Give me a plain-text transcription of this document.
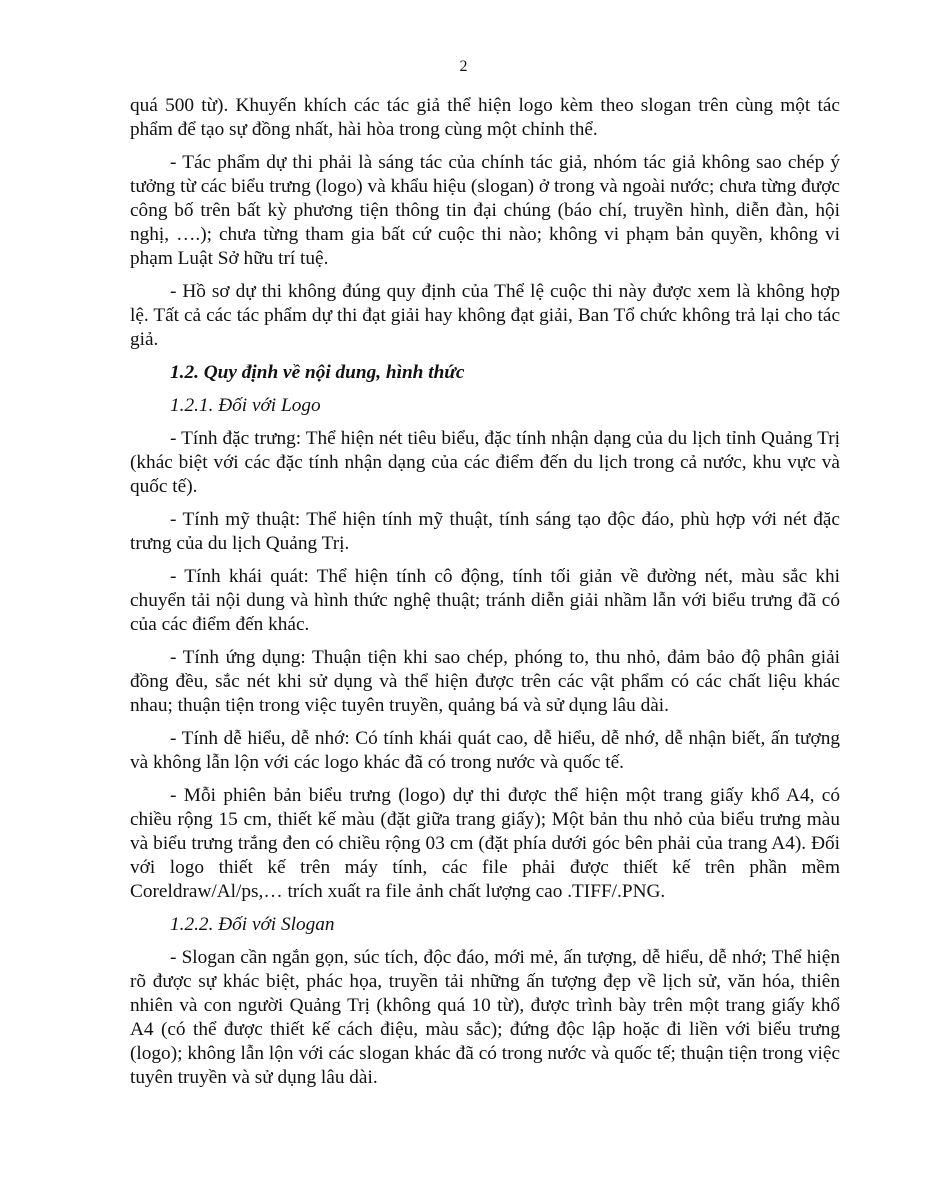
2

quá 500 từ). Khuyến khích các tác giả thể hiện logo kèm theo slogan trên cùng một tác phẩm để tạo sự đồng nhất, hài hòa trong cùng một chỉnh thể.

- Tác phẩm dự thi phải là sáng tác của chính tác giả, nhóm tác giả không sao chép ý tưởng từ các biểu trưng (logo) và khẩu hiệu (slogan) ở trong và ngoài nước; chưa từng được công bố trên bất kỳ phương tiện thông tin đại chúng (báo chí, truyền hình, diễn đàn, hội nghị, ….); chưa từng tham gia bất cứ cuộc thi nào; không vi phạm bản quyền, không vi phạm Luật Sở hữu trí tuệ.

- Hồ sơ dự thi không đúng quy định của Thể lệ cuộc thi này được xem là không hợp lệ. Tất cả các tác phẩm dự thi đạt giải hay không đạt giải, Ban Tổ chức không trả lại cho tác giả.

1.2. Quy định về nội dung, hình thức

1.2.1. Đối với Logo

- Tính đặc trưng: Thể hiện nét tiêu biểu, đặc tính nhận dạng của du lịch tỉnh Quảng Trị (khác biệt với các đặc tính nhận dạng của các điểm đến du lịch trong cả nước, khu vực và quốc tế).

- Tính mỹ thuật: Thể hiện tính mỹ thuật, tính sáng tạo độc đáo, phù hợp với nét đặc trưng của du lịch Quảng Trị.

- Tính khái quát: Thể hiện tính cô động, tính tối giản về đường nét, màu sắc khi chuyển tải nội dung và hình thức nghệ thuật; tránh diễn giải nhầm lẫn với biểu trưng đã có của các điểm đến khác.

- Tính ứng dụng: Thuận tiện khi sao chép, phóng to, thu nhỏ, đảm bảo độ phân giải đồng đều, sắc nét khi sử dụng và thể hiện được trên các vật phẩm có các chất liệu khác nhau; thuận tiện trong việc tuyên truyền, quảng bá và sử dụng lâu dài.

- Tính dễ hiểu, dễ nhớ: Có tính khái quát cao, dễ hiểu, dễ nhớ, dễ nhận biết, ấn tượng và không lẫn lộn với các logo khác đã có trong nước và quốc tế.

- Mỗi phiên bản biểu trưng (logo) dự thi được thể hiện một trang giấy khổ A4, có chiều rộng 15 cm, thiết kế màu (đặt giữa trang giấy); Một bản thu nhỏ của biểu trưng màu và biểu trưng trắng đen có chiều rộng 03 cm (đặt phía dưới góc bên phải của trang A4). Đối với logo thiết kế trên máy tính, các file phải được thiết kế trên phần mềm Coreldraw/Al/ps,… trích xuất ra file ảnh chất lượng cao .TIFF/.PNG.

1.2.2. Đối với Slogan

- Slogan cần ngắn gọn, súc tích, độc đáo, mới mẻ, ấn tượng, dễ hiểu, dễ nhớ; Thể hiện rõ được sự khác biệt, phác họa, truyền tải những ấn tượng đẹp về lịch sử, văn hóa, thiên nhiên và con người Quảng Trị (không quá 10 từ), được trình bày trên một trang giấy khổ A4 (có thể được thiết kế cách điệu, màu sắc); đứng độc lập hoặc đi liền với biểu trưng (logo); không lẫn lộn với các slogan khác đã có trong nước và quốc tế; thuận tiện trong việc tuyên truyền và sử dụng lâu dài.
